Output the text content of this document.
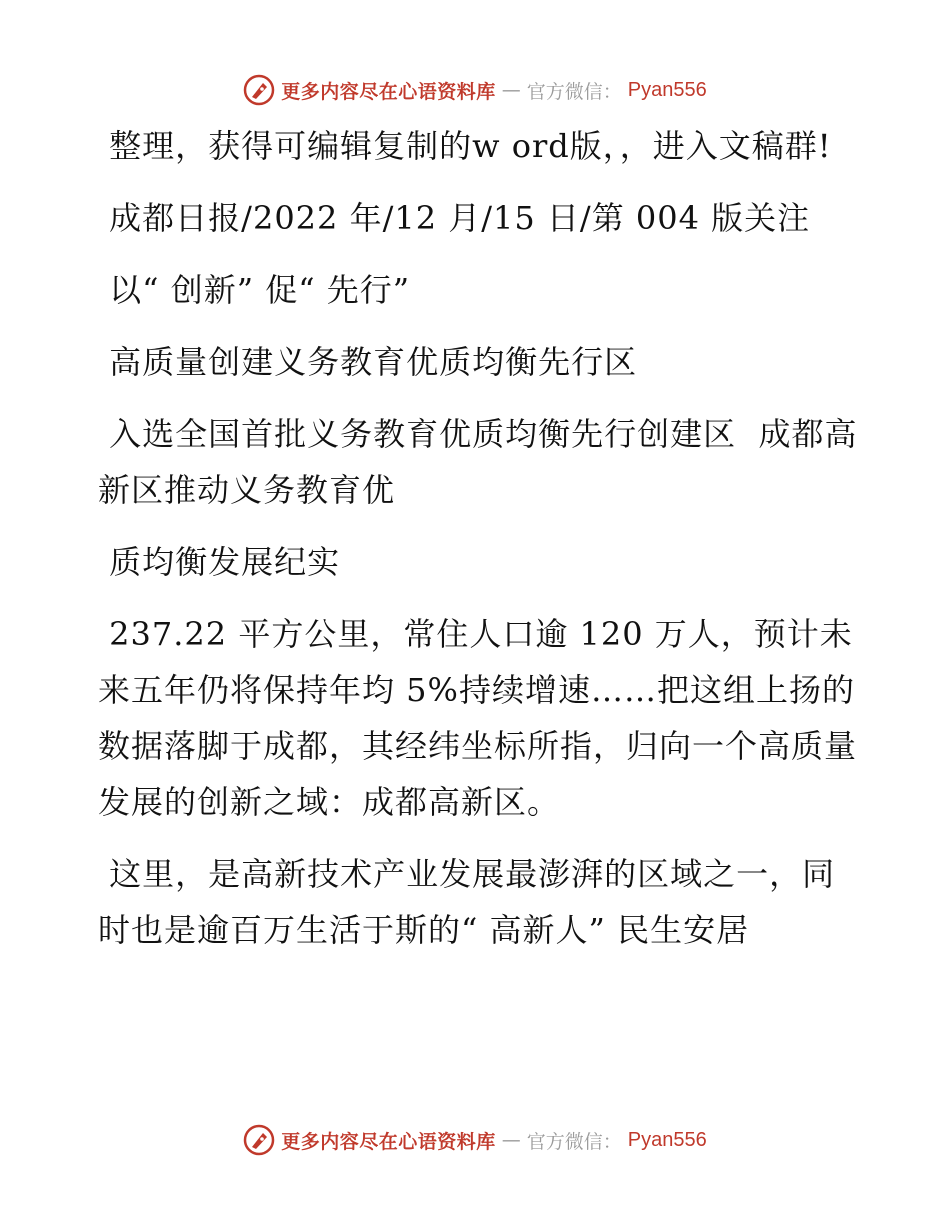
更多内容尽在心语资料库 — 官方微信： Pyan556

整理，获得可编辑复制的w ord版，，进入文稿群!

成都日报/2022 年/12 月/15 日/第 004 版关注

以“ 创新” 促“ 先行”

高质量创建义务教育优质均衡先行区

入选全国首批义务教育优质均衡先行创建区  成都高新区推动义务教育优

质均衡发展纪实

237.22 平方公里，常住人口逾 120 万人，预计未来五年仍将保持年均 5%持续增速……把这组上扬的数据落脚于成都，其经纬坐标所指，归向一个高质量发展的创新之域：成都高新区。

这里，是高新技术产业发展最澎湃的区域之一，同时也是逾百万生活于斯的“ 高新人” 民生安居

更多内容尽在心语资料库 — 官方微信： Pyan556
